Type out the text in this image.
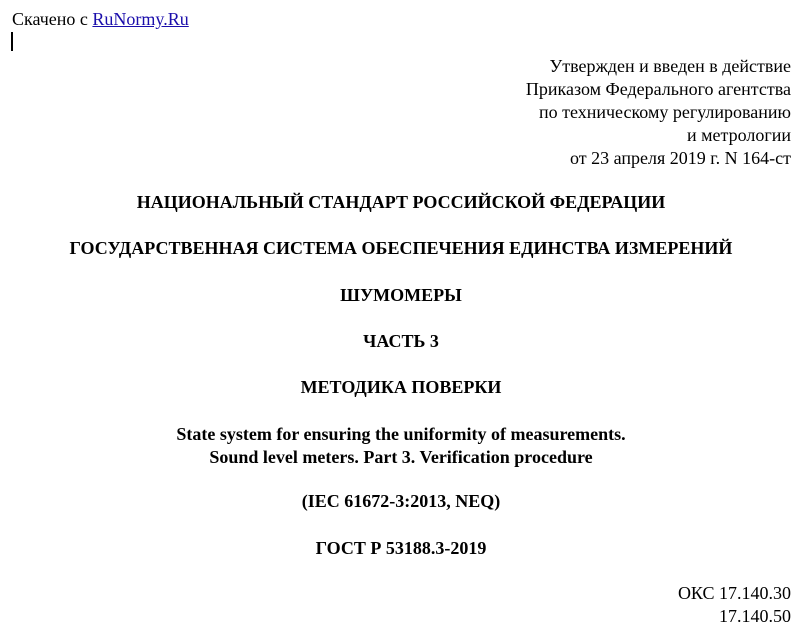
Скачено с RuNormy.Ru
Утвержден и введен в действие
Приказом Федерального агентства
по техническому регулированию
и метрологии
от 23 апреля 2019 г. N 164-ст
НАЦИОНАЛЬНЫЙ СТАНДАРТ РОССИЙСКОЙ ФЕДЕРАЦИИ
ГОСУДАРСТВЕННАЯ СИСТЕМА ОБЕСПЕЧЕНИЯ ЕДИНСТВА ИЗМЕРЕНИЙ
ШУМОМЕРЫ
ЧАСТЬ 3
МЕТОДИКА ПОВЕРКИ
State system for ensuring the uniformity of measurements.
Sound level meters. Part 3. Verification procedure
(IEC 61672-3:2013, NEQ)
ГОСТ Р 53188.3-2019
ОКС 17.140.30
17.140.50
